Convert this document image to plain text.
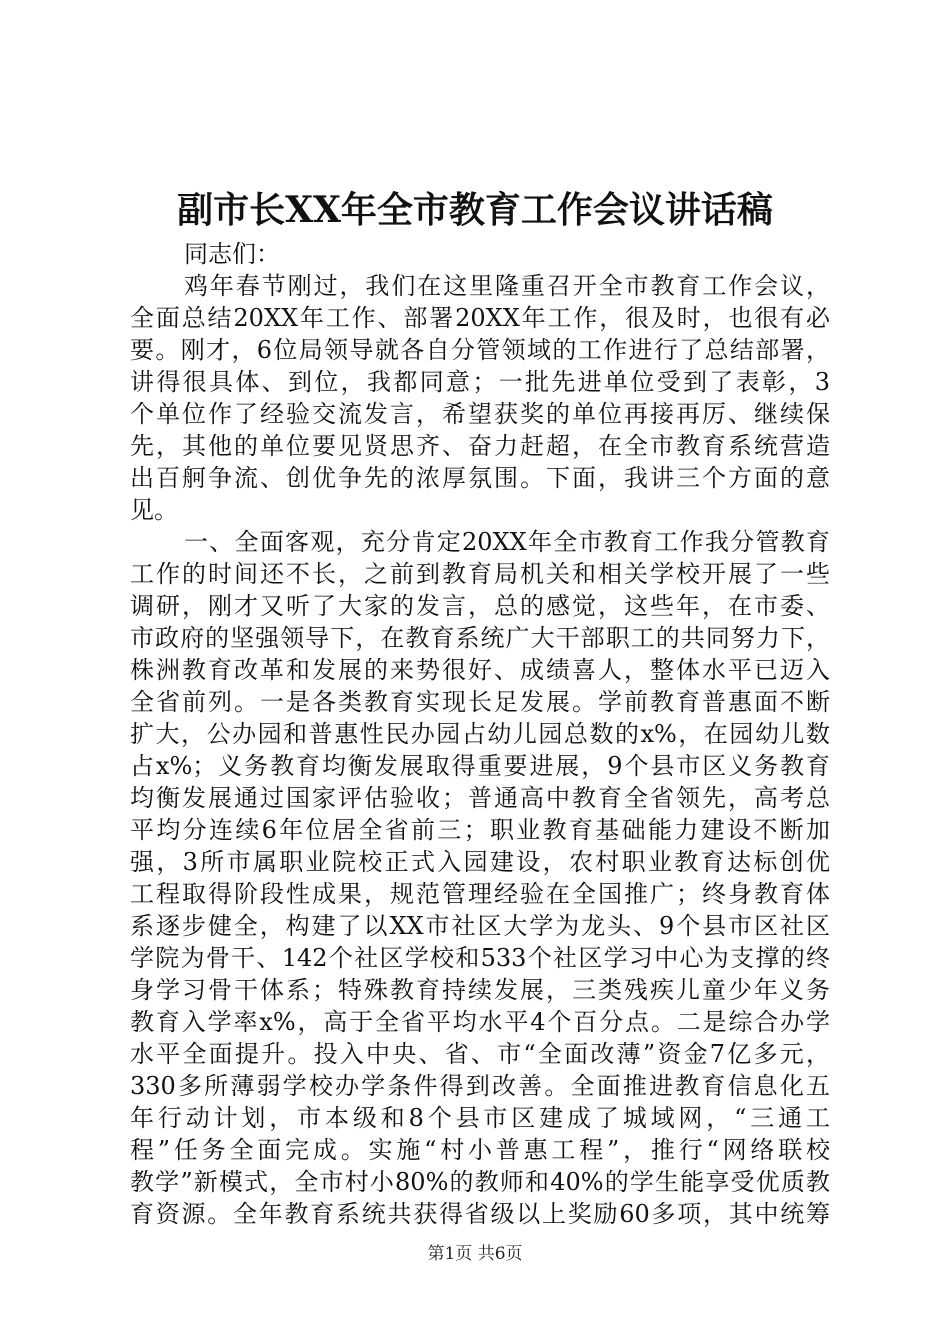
副市长XX年全市教育工作会议讲话稿
同志们：
鸡年春节刚过，我们在这里隆重召开全市教育工作会议，
全面总结20XX年工作、部署20XX年工作，很及时，也很有必
要。刚才，6位局领导就各自分管领域的工作进行了总结部署，
讲得很具体、到位，我都同意；一批先进单位受到了表彰，3
个单位作了经验交流发言，希望获奖的单位再接再厉、继续保
先，其他的单位要见贤思齐、奋力赶超，在全市教育系统营造
出百舸争流、创优争先的浓厚氛围。下面，我讲三个方面的意
见。
一、全面客观，充分肯定20XX年全市教育工作我分管教育
工作的时间还不长，之前到教育局机关和相关学校开展了一些
调研，刚才又听了大家的发言，总的感觉，这些年，在市委、
市政府的坚强领导下，在教育系统广大干部职工的共同努力下，
株洲教育改革和发展的来势很好、成绩喜人，整体水平已迈入
全省前列。一是各类教育实现长足发展。学前教育普惠面不断
扩大，公办园和普惠性民办园占幼儿园总数的x%，在园幼儿数
占x%；义务教育均衡发展取得重要进展，9个县市区义务教育
均衡发展通过国家评估验收；普通高中教育全省领先，高考总
平均分连续6年位居全省前三；职业教育基础能力建设不断加
强，3所市属职业院校正式入园建设，农村职业教育达标创优
工程取得阶段性成果，规范管理经验在全国推广；终身教育体
系逐步健全，构建了以XX市社区大学为龙头、9个县市区社区
学院为骨干、142个社区学校和533个社区学习中心为支撑的终
身学习骨干体系；特殊教育持续发展，三类残疾儿童少年义务
教育入学率x%，高于全省平均水平4个百分点。二是综合办学
水平全面提升。投入中央、省、市“全面改薄”资金7亿多元，
330多所薄弱学校办学条件得到改善。全面推进教育信息化五
年行动计划，市本级和8个县市区建成了城域网，“三通工
程”任务全面完成。实施“村小普惠工程”，推行“网络联校
教学”新模式，全市村小80%的教师和40%的学生能享受优质教
育资源。全年教育系统共获得省级以上奖励60多项，其中统筹
第1页 共6页
